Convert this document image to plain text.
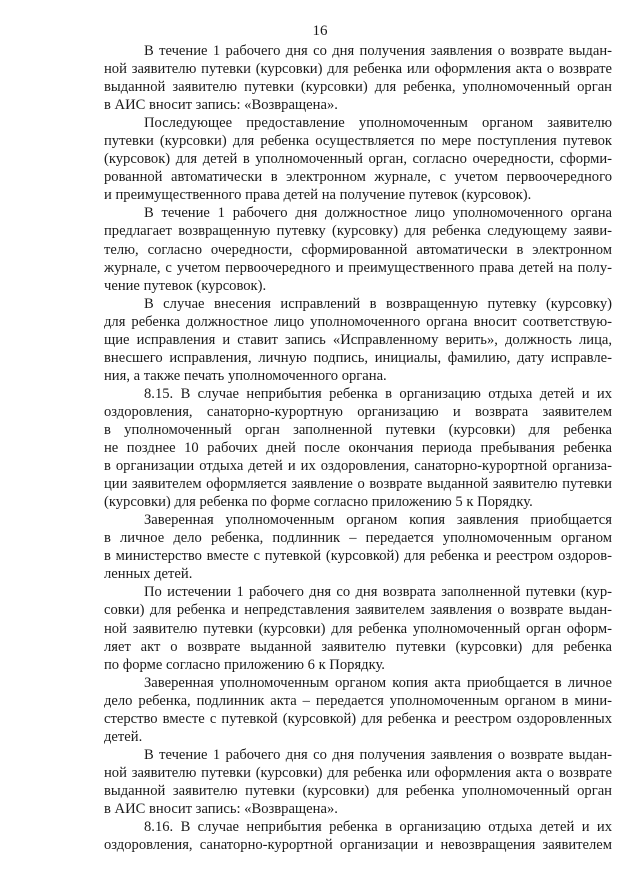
16
В течение 1 рабочего дня со дня получения заявления о возврате выдан-
ной заявителю путевки (курсовки) для ребенка или оформления акта о возврате
выданной заявителю путевки (курсовки) для ребенка, уполномоченный орган
в АИС вносит запись: «Возвращена».
Последующее предоставление уполномоченным органом заявителю
путевки (курсовки) для ребенка осуществляется по мере поступления путевок
(курсовок) для детей в уполномоченный орган, согласно очередности, сформи-
рованной автоматически в электронном журнале, с учетом первоочередного
и преимущественного права детей на получение путевок (курсовок).
В течение 1 рабочего дня должностное лицо уполномоченного органа
предлагает возвращенную путевку (курсовку) для ребенка следующему заяви-
телю, согласно очередности, сформированной автоматически в электронном
журнале, с учетом первоочередного и преимущественного права детей на полу-
чение путевок (курсовок).
В случае внесения исправлений в возвращенную путевку (курсовку)
для ребенка должностное лицо уполномоченного органа вносит соответствую-
щие исправления и ставит запись «Исправленному верить», должность лица,
внесшего исправления, личную подпись, инициалы, фамилию, дату исправле-
ния, а также печать уполномоченного органа.
8.15. В случае неприбытия ребенка в организацию отдыха детей и их
оздоровления, санаторно-курортную организацию и возврата заявителем
в уполномоченный орган заполненной путевки (курсовки) для ребенка
не позднее 10 рабочих дней после окончания периода пребывания ребенка
в организации отдыха детей и их оздоровления, санаторно-курортной организа-
ции заявителем оформляется заявление о возврате выданной заявителю путевки
(курсовки) для ребенка по форме согласно приложению 5 к Порядку.
Заверенная уполномоченным органом копия заявления приобщается
в личное дело ребенка, подлинник – передается уполномоченным органом
в министерство вместе с путевкой (курсовкой) для ребенка и реестром оздоров-
ленных детей.
По истечении 1 рабочего дня со дня возврата заполненной путевки (кур-
совки) для ребенка и непредставления заявителем заявления о возврате выдан-
ной заявителю путевки (курсовки) для ребенка уполномоченный орган оформ-
ляет акт о возврате выданной заявителю путевки (курсовки) для ребенка
по форме согласно приложению 6 к Порядку.
Заверенная уполномоченным органом копия акта приобщается в личное
дело ребенка, подлинник акта – передается уполномоченным органом в мини-
стерство вместе с путевкой (курсовкой) для ребенка и реестром оздоровленных
детей.
В течение 1 рабочего дня со дня получения заявления о возврате выдан-
ной заявителю путевки (курсовки) для ребенка или оформления акта о возврате
выданной заявителю путевки (курсовки) для ребенка уполномоченный орган
в АИС вносит запись: «Возвращена».
8.16. В случае неприбытия ребенка в организацию отдыха детей и их
оздоровления, санаторно-курортной организации и невозвращения заявителем
